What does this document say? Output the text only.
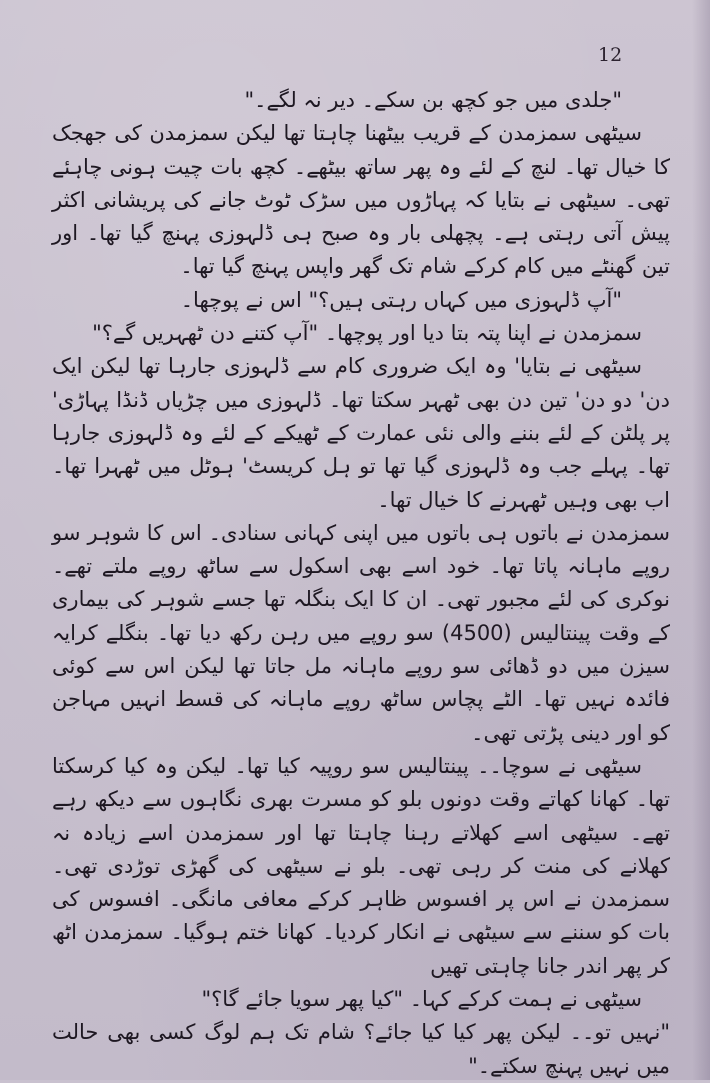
12

"جلدی میں جو کچھ بن سکے۔ دیر نہ لگے۔"

سیٹھی سمزمدن کے قریب بیٹھنا چاہتا تھا لیکن سمزمدن کی جھجک کا خیال تھا۔ لنچ کے لئے وہ پھر ساتھ بیٹھے۔ کچھ بات چیت ہونی چاہئے تھی۔ سیٹھی نے بتایا کہ پہاڑوں میں سڑک ٹوٹ جانے کی پریشانی اکثر پیش آتی رہتی ہے۔ پچھلی بار وہ صبح ہی ڈلہوزی پہنچ گیا تھا۔ اور تین گھنٹے میں کام کرکے شام تک گھر واپس پہنچ گیا تھا۔

"آپ ڈلہوزی میں کہاں رہتی ہیں؟" اس نے پوچھا۔

سمزمدن نے اپنا پتہ بتا دیا اور پوچھا۔ "آپ کتنے دن ٹھہریں گے؟"

سیٹھی نے بتایا' وہ ایک ضروری کام سے ڈلہوزی جارہا تھا لیکن ایک دن' دو دن' تین دن بھی ٹھہر سکتا تھا۔ ڈلہوزی میں چڑیاں ڈنڈا پہاڑی' پر پلٹن کے لئے بننے والی نئی عمارت کے ٹھیکے کے لئے وہ ڈلہوزی جارہا تھا۔ پہلے جب وہ ڈلہوزی گیا تھا تو ہل کریسٹ' ہوٹل میں ٹھہرا تھا۔ اب بھی وہیں ٹھہرنے کا خیال تھا۔

سمزمدن نے باتوں ہی باتوں میں اپنی کہانی سنادی۔ اس کا شوہر سو روپے ماہانہ پاتا تھا۔ خود اسے بھی اسکول سے ساٹھ روپے ملتے تھے۔ نوکری کی لئے مجبور تھی۔ ان کا ایک بنگلہ تھا جسے شوہر کی بیماری کے وقت پینتالیس (4500) سو روپے میں رہن رکھ دیا تھا۔ بنگلے کرایہ سیزن میں دو ڈھائی سو روپے ماہانہ مل جاتا تھا لیکن اس سے کوئی فائدہ نہیں تھا۔ الٹے پچاس ساٹھ روپے ماہانہ کی قسط انہیں مہاجن کو اور دینی پڑتی تھی۔

سیٹھی نے سوچا۔۔ پینتالیس سو روپیہ کیا تھا۔ لیکن وہ کیا کرسکتا تھا۔ کھانا کھاتے وقت دونوں بلو کو مسرت بھری نگاہوں سے دیکھ رہے تھے۔ سیٹھی اسے کھلاتے رہنا چاہتا تھا اور سمزمدن اسے زیادہ نہ کھلانے کی منت کر رہی تھی۔ بلو نے سیٹھی کی گھڑی توڑدی تھی۔ سمزمدن نے اس پر افسوس ظاہر کرکے معافی مانگی۔ افسوس کی بات کو سننے سے سیٹھی نے انکار کردیا۔ کھانا ختم ہوگیا۔ سمزمدن اٹھ کر پھر اندر جانا چاہتی تھیں

سیٹھی نے ہمت کرکے کہا۔ "کیا پھر سویا جائے گا؟"

"نہیں تو۔۔ لیکن پھر کیا کیا جائے؟ شام تک ہم لوگ کسی بھی حالت میں نہیں پہنچ سکتے۔"
